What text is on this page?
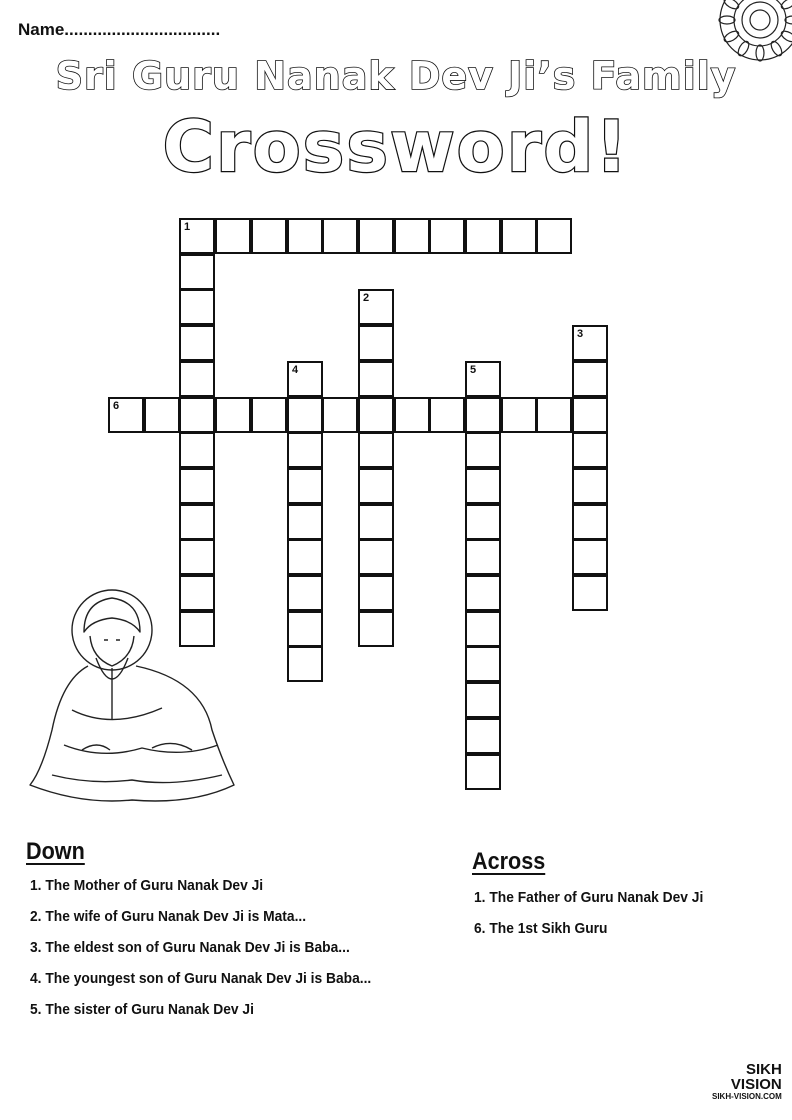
Name.................................
Sri Guru Nanak Dev Ji’s Family
Crossword!
1
6
2
3
4	5
Down
1. The Mother of Guru Nanak Dev Ji
2. The wife of Guru Nanak Dev Ji is Mata...
3. The eldest son of Guru Nanak Dev Ji is Baba...
4. The youngest son of Guru Nanak Dev Ji is Baba...
5. The sister of Guru Nanak Dev Ji
Across
1. The Father of Guru Nanak Dev Ji
6. The 1st Sikh Guru
SIKH
VISION
SIKH-VISION.COM
